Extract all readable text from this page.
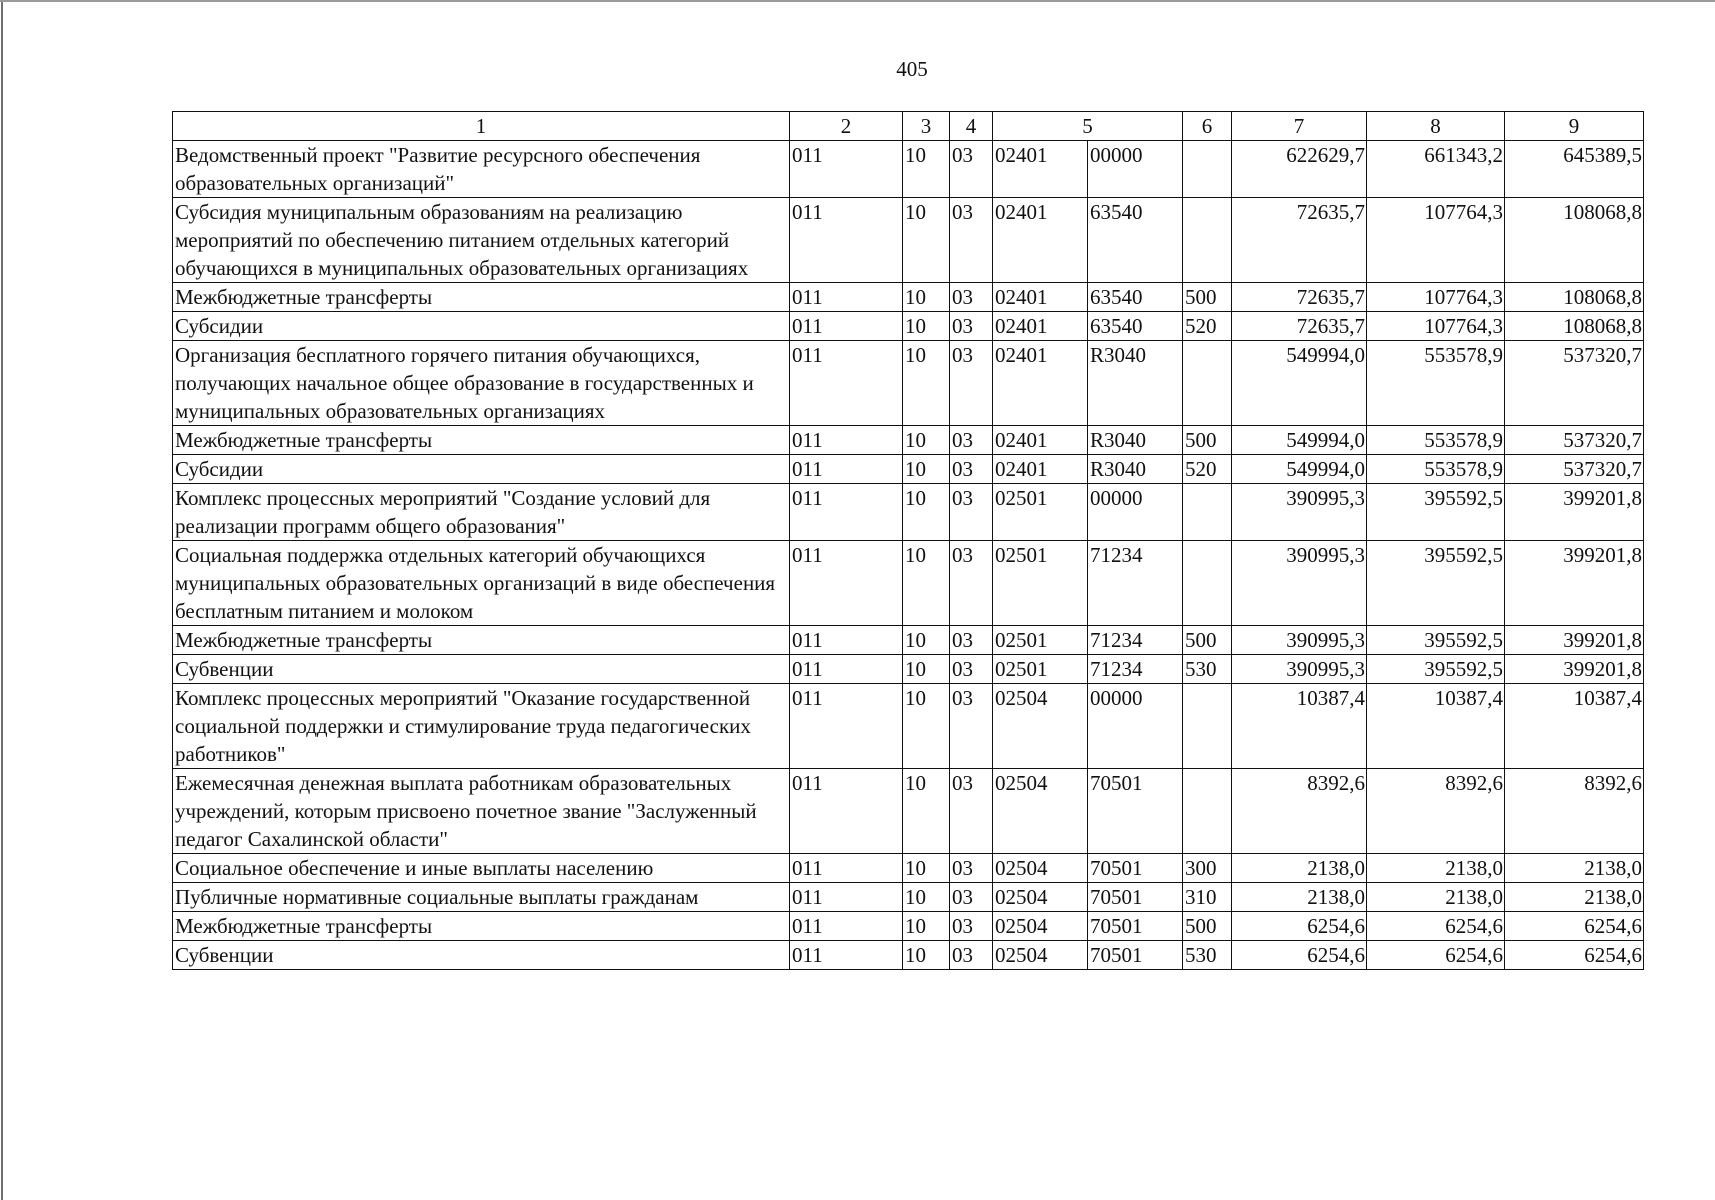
405
1	2	3	4	5		6	7	8	9
Ведомственный проект "Развитие ресурсного обеспечения образовательных организаций"	011	10	03	02401	00000		622629,7	661343,2	645389,5
Субсидия муниципальным образованиям на реализацию мероприятий по обеспечению питанием отдельных категорий обучающихся в муниципальных образовательных организациях	011	10	03	02401	63540		72635,7	107764,3	108068,8
Межбюджетные трансферты	011	10	03	02401	63540	500	72635,7	107764,3	108068,8
Субсидии	011	10	03	02401	63540	520	72635,7	107764,3	108068,8
Организация бесплатного горячего питания обучающихся, получающих начальное общее образование в государственных и муниципальных образовательных организациях	011	10	03	02401	R3040		549994,0	553578,9	537320,7
Межбюджетные трансферты	011	10	03	02401	R3040	500	549994,0	553578,9	537320,7
Субсидии	011	10	03	02401	R3040	520	549994,0	553578,9	537320,7
Комплекс процессных мероприятий "Создание условий для реализации программ общего образования"	011	10	03	02501	00000		390995,3	395592,5	399201,8
Социальная поддержка отдельных категорий обучающихся муниципальных образовательных организаций в виде обеспечения бесплатным питанием и молоком	011	10	03	02501	71234		390995,3	395592,5	399201,8
Межбюджетные трансферты	011	10	03	02501	71234	500	390995,3	395592,5	399201,8
Субвенции	011	10	03	02501	71234	530	390995,3	395592,5	399201,8
Комплекс процессных мероприятий "Оказание государственной социальной поддержки и стимулирование труда педагогических работников"	011	10	03	02504	00000		10387,4	10387,4	10387,4
Ежемесячная денежная выплата работникам образовательных учреждений, которым присвоено почетное звание "Заслуженный педагог Сахалинской области"	011	10	03	02504	70501		8392,6	8392,6	8392,6
Социальное обеспечение и иные выплаты населению	011	10	03	02504	70501	300	2138,0	2138,0	2138,0
Публичные нормативные социальные выплаты гражданам	011	10	03	02504	70501	310	2138,0	2138,0	2138,0
Межбюджетные трансферты	011	10	03	02504	70501	500	6254,6	6254,6	6254,6
Субвенции	011	10	03	02504	70501	530	6254,6	6254,6	6254,6
